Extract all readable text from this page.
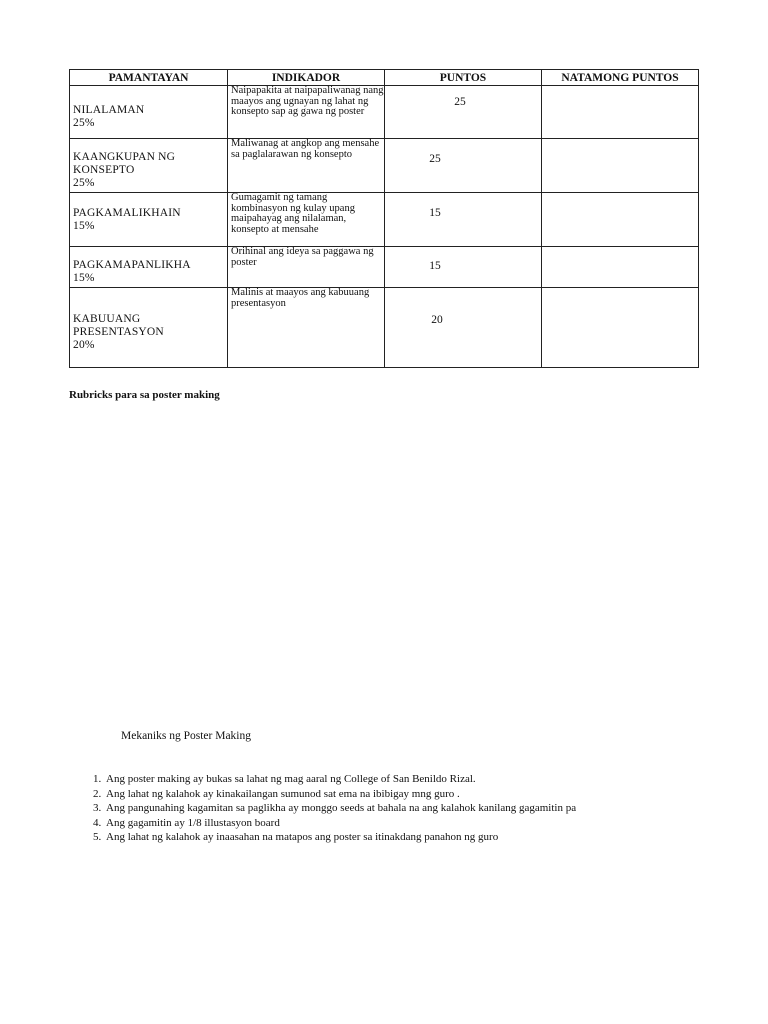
PAMANTAYAN	INDIKADOR	PUNTOS	NATAMONG PUNTOS

NILALAMAN
25%	Naipapakita at naipapaliwanag nang maayos ang ugnayan ng lahat ng konsepto sap ag gawa ng poster	25	

KAANGKUPAN NG
KONSEPTO
25%	Maliwanag at angkop ang mensahe sa paglalarawan ng konsepto	25	

PAGKAMALIKHAIN
15%	Gumagamit ng tamang kombinasyon ng kulay upang maipahayag ang nilalaman, konsepto at mensahe	15	

PAGKAMAPANLIKHA
15%	Orihinal ang ideya sa paggawa ng poster	15	

KABUUANG
PRESENTASYON
20%	Malinis at maayos ang kabuuang presentasyon	20	
Rubricks para sa poster making
Mekaniks ng Poster Making
1. Ang poster making ay bukas sa lahat ng mag aaral ng College of San Benildo Rizal.
2. Ang lahat ng kalahok ay kinakailangan sumunod sat ema na ibibigay mng guro .
3. Ang pangunahing kagamitan sa paglikha ay monggo seeds at bahala na ang kalahok kanilang gagamitin pa
4. Ang gagamitin ay 1/8 illustasyon board
5. Ang lahat ng kalahok ay inaasahan na matapos ang poster sa itinakdang panahon ng guro
